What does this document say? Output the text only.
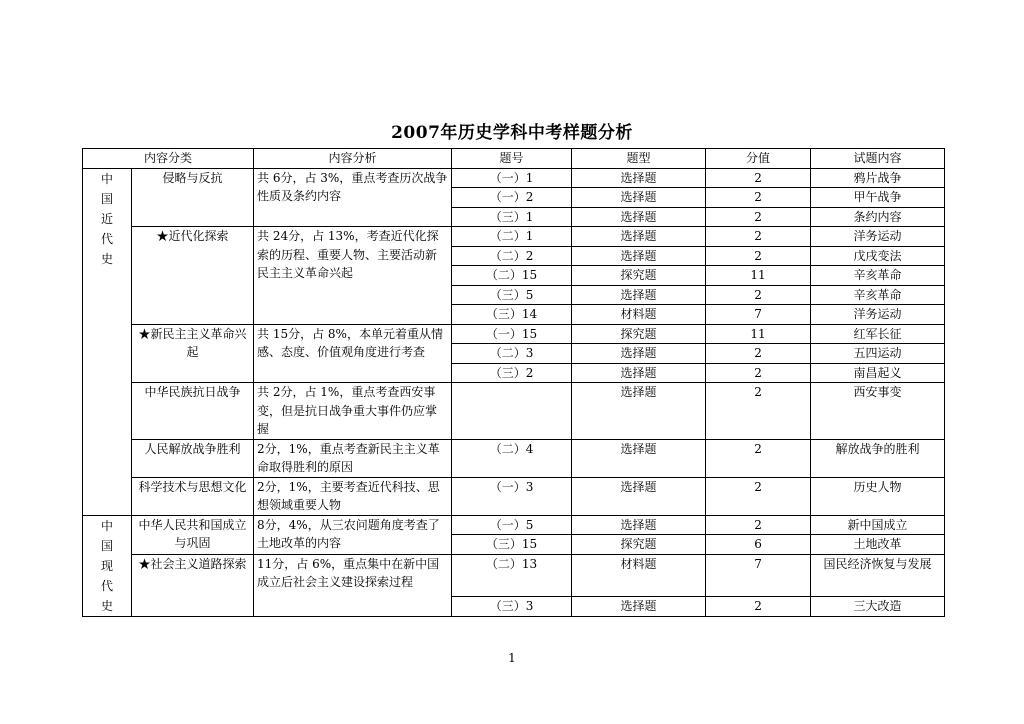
2007年历史学科中考样题分析
内容分类		内容分析	题号	题型	分值	试题内容
中国近代史	侵略与反抗	共 6分，占 3%，重点考查历次战争性质及条约内容	（一）1	选择题	2	鸦片战争
			（一）2	选择题	2	甲午战争
			（三）1	选择题	2	条约内容
	★近代化探索	共 24分，占 13%，考查近代化探索的历程、重要人物、主要活动新民主主义革命兴起	（二）1	选择题	2	洋务运动
			（二）2	选择题	2	戊戌变法
			（二）15	探究题	11	辛亥革命
			（三）5	选择题	2	辛亥革命
			（三）14	材料题	7	洋务运动
	★新民主主义革命兴起	共 15分，占 8%，本单元着重从情感、态度、价值观角度进行考查	（一）15	探究题	11	红军长征
			（二）3	选择题	2	五四运动
			（三）2	选择题	2	南昌起义
	中华民族抗日战争	共 2分，占 1%，重点考查西安事变，但是抗日战争重大事件仍应掌握		选择题	2	西安事变
	人民解放战争胜利	2分，1%，重点考查新民主主义革命取得胜利的原因	（二）4	选择题	2	解放战争的胜利
	科学技术与思想文化	2分，1%，主要考查近代科技、思想领域重要人物	（一）3	选择题	2	历史人物
中国现代史	中华人民共和国成立与巩固	8分，4%，从三农问题角度考查了土地改革的内容	（一）5	选择题	2	新中国成立
			（三）15	探究题	6	土地改革
	★社会主义道路探索	11分，占 6%，重点集中在新中国成立后社会主义建设探索过程	（二）13	材料题	7	国民经济恢复与发展
			（三）3	选择题	2	三大改造
1
